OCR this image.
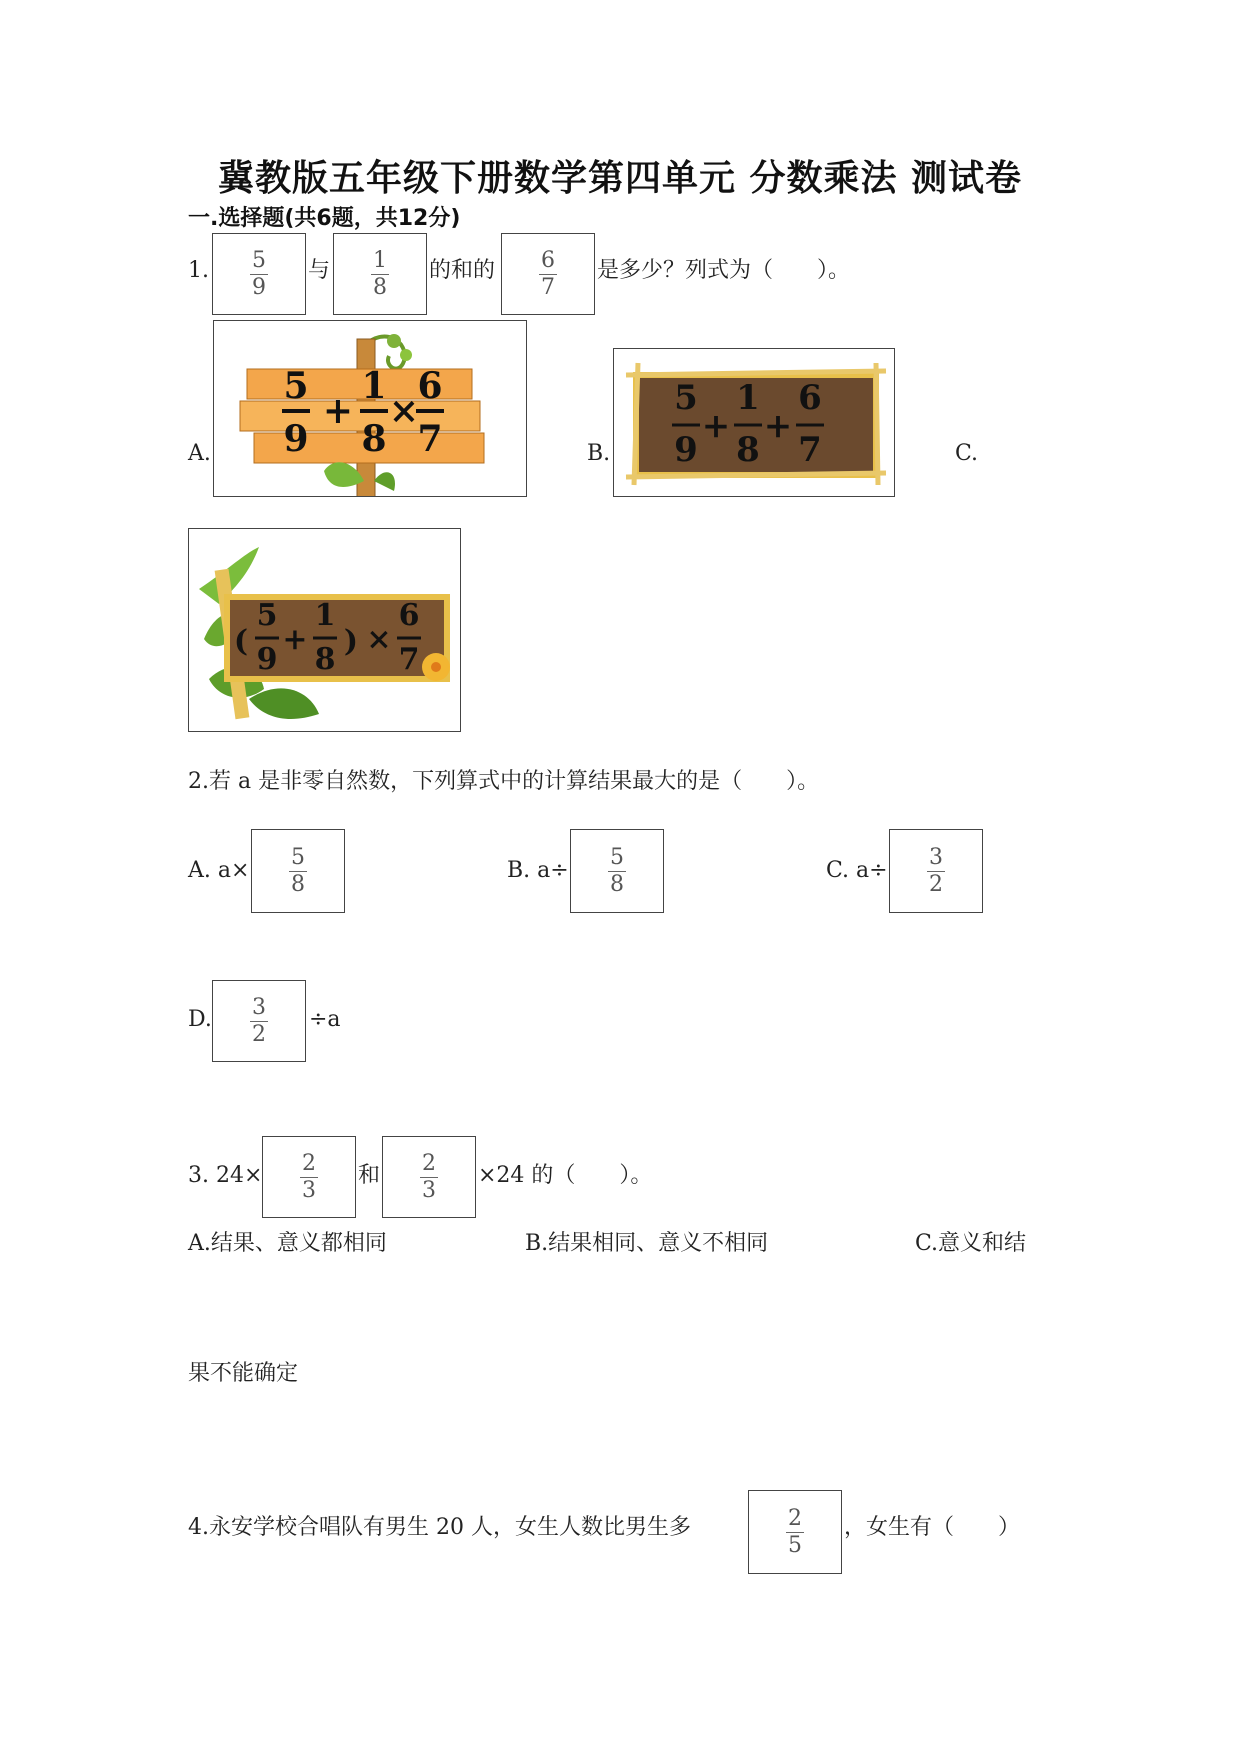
冀教版五年级下册数学第四单元 分数乘法 测试卷
一.选择题(共6题，共12分)
1. $\frac{5}{9}$ 与 $\frac{1}{8}$ 的和的 $\frac{6}{7}$ 是多少？列式为（　　）。
A.
5
9
+
1
8
×
6
7	B.
5
9
+
1
8
+
6
7	C.
(
5
9
+
1
8
) ×
6
7
2.若 a 是非零自然数，下列算式中的计算结果最大的是（　　）。
A. $a\times \frac{5}{8}$	B. $a\div \frac{5}{8}$	C. $a\div \frac{3}{2}$
D. $\frac{3}{2} \div a$
3. $24\times \frac{2}{3}$ 和 $\frac{2}{3} \times 24$ 的（　　）。
A.结果、意义都相同	B.结果相同、意义不相同	C.意义和结
果不能确定
4.永安学校合唱队有男生 20 人，女生人数比男生多	$\frac{2}{5}$ ，女生有（　　）
